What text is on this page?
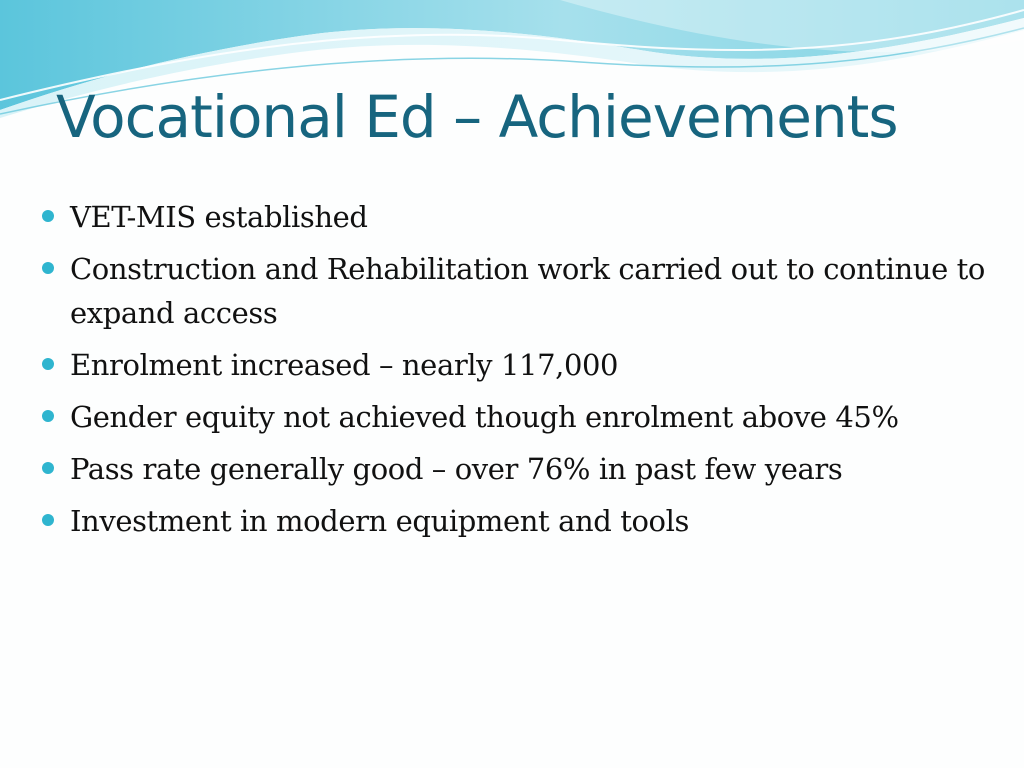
Vocational Ed – Achievements
VET-MIS established
Construction and Rehabilitation work carried out to continue to expand access
Enrolment increased – nearly 117,000
Gender equity not achieved though enrolment above 45%
Pass rate generally good – over 76% in past few years
Investment in modern equipment and tools
